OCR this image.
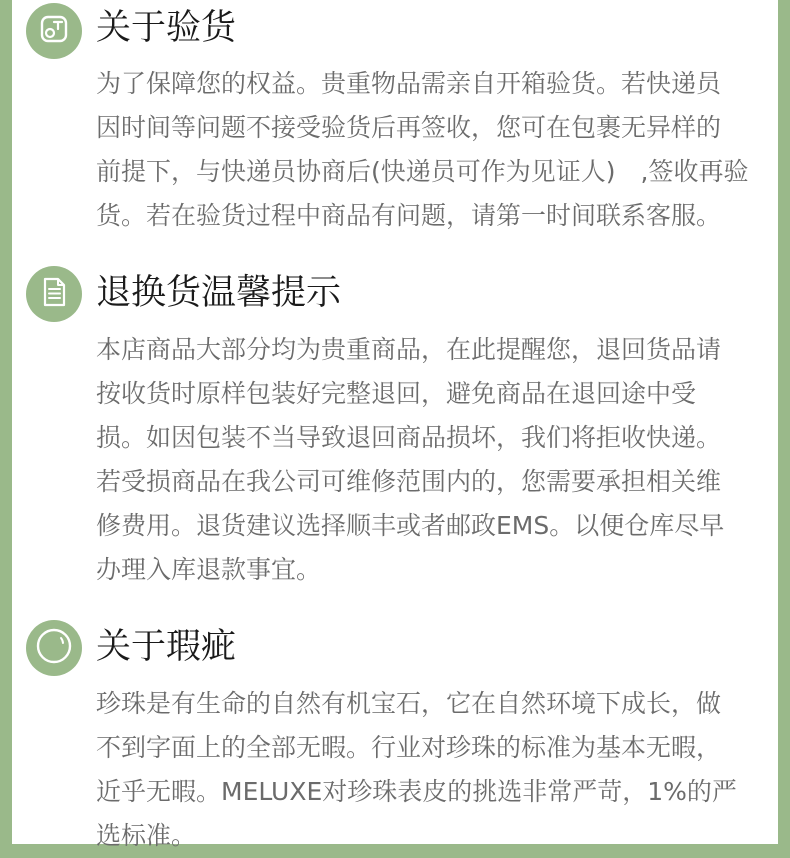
关于验货
为了保障您的权益。贵重物品需亲自开箱验货。若快递员
因时间等问题不接受验货后再签收，您可在包裹无异样的
前提下，与快递员协商后(快递员可作为见证人)　,签收再验
货。若在验货过程中商品有问题，请第一时间联系客服。
退换货温馨提示
本店商品大部分均为贵重商品，在此提醒您，退回货品请
按收货时原样包装好完整退回，避免商品在退回途中受
损。如因包装不当导致退回商品损坏，我们将拒收快递。
若受损商品在我公司可维修范围内的，您需要承担相关维
修费用。退货建议选择顺丰或者邮政EMS。以便仓库尽早
办理入库退款事宜。
关于瑕疵
珍珠是有生命的自然有机宝石，它在自然环境下成长，做
不到字面上的全部无暇。行业对珍珠的标准为基本无暇，
近乎无暇。MELUXE对珍珠表皮的挑选非常严苛，1%的严
选标准。
